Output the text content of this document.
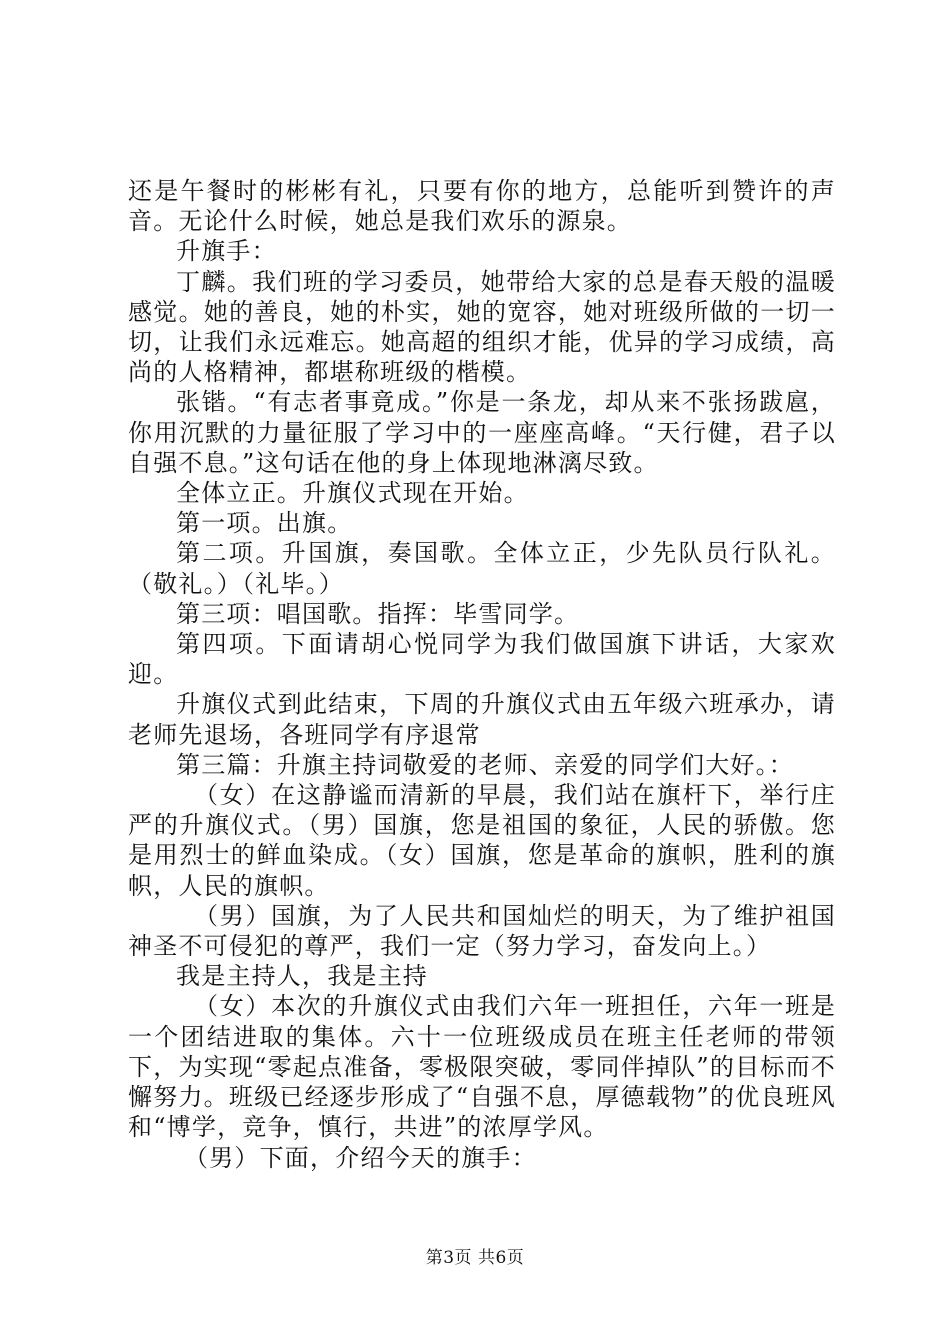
还是午餐时的彬彬有礼，只要有你的地方，总能听到赞许的声音。无论什么时候，她总是我们欢乐的源泉。

升旗手：

丁麟。我们班的学习委员，她带给大家的总是春天般的温暖感觉。她的善良，她的朴实，她的宽容，她对班级所做的一切一切，让我们永远难忘。她高超的组织才能，优异的学习成绩，高尚的人格精神，都堪称班级的楷模。

张锴。“有志者事竟成。”你是一条龙，却从来不张扬跋扈，你用沉默的力量征服了学习中的一座座高峰。“天行健，君子以自强不息。”这句话在他的身上体现地淋漓尽致。

全体立正。升旗仪式现在开始。

第一项。出旗。

第二项。升国旗，奏国歌。全体立正，少先队员行队礼。（敬礼。）（礼毕。）

第三项：唱国歌。指挥：毕雪同学。

第四项。下面请胡心悦同学为我们做国旗下讲话，大家欢迎。

升旗仪式到此结束，下周的升旗仪式由五年级六班承办，请老师先退场，各班同学有序退常

第三篇：升旗主持词敬爱的老师、亲爱的同学们大好。：

（女）在这静谧而清新的早晨，我们站在旗杆下，举行庄严的升旗仪式。（男）国旗，您是祖国的象征，人民的骄傲。您是用烈士的鲜血染成。（女）国旗，您是革命的旗帜，胜利的旗帜，人民的旗帜。

（男）国旗，为了人民共和国灿烂的明天，为了维护祖国神圣不可侵犯的尊严，我们一定（努力学习，奋发向上。）

我是主持人，我是主持

（女）本次的升旗仪式由我们六年一班担任，六年一班是一个团结进取的集体。六十一位班级成员在班主任老师的带领下，为实现“零起点准备，零极限突破，零同伴掉队”的目标而不懈努力。班级已经逐步形成了“自强不息，厚德载物”的优良班风和“博学，竞争，慎行，共进”的浓厚学风。

（男）下面，介绍今天的旗手：

第3页 共6页
